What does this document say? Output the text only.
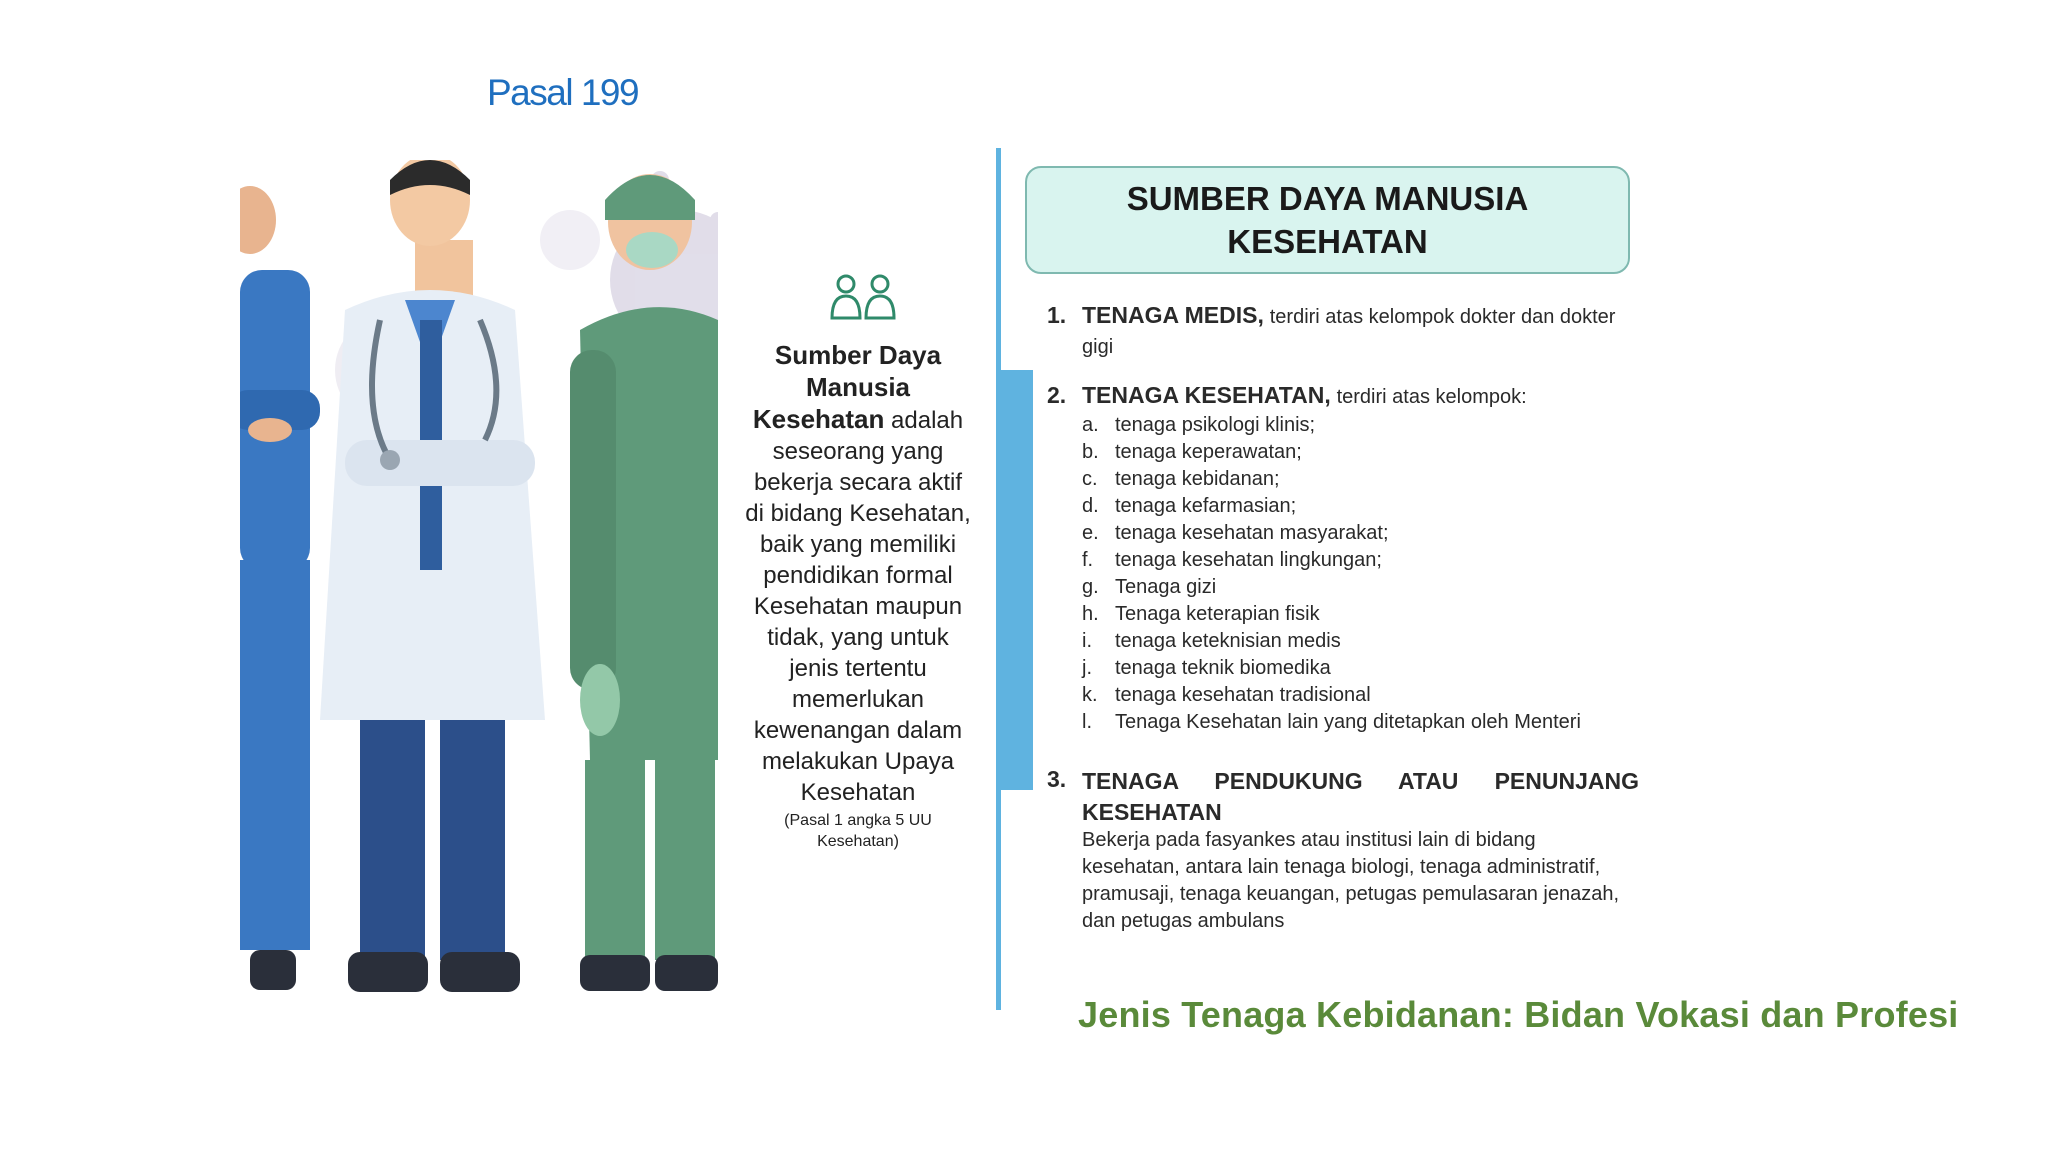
Pasal 199
Sumber Daya Manusia Kesehatan adalah seseorang yang bekerja secara aktif di bidang Kesehatan, baik yang memiliki pendidikan formal Kesehatan maupun tidak, yang untuk jenis tertentu memerlukan kewenangan dalam melakukan Upaya Kesehatan
(Pasal 1 angka 5 UU Kesehatan)
SUMBER DAYA MANUSIA
KESEHATAN
1. TENAGA MEDIS, terdiri atas kelompok dokter dan dokter gigi
2. TENAGA KESEHATAN, terdiri atas kelompok:
a. tenaga psikologi klinis;
b. tenaga keperawatan;
c. tenaga kebidanan;
d. tenaga kefarmasian;
e. tenaga kesehatan masyarakat;
f. tenaga kesehatan lingkungan;
g. Tenaga gizi
h. Tenaga keterapian fisik
i. tenaga keteknisian medis
j. tenaga teknik biomedika
k. tenaga kesehatan tradisional
l. Tenaga Kesehatan lain yang ditetapkan oleh Menteri
3. TENAGA PENDUKUNG ATAU PENUNJANG
KESEHATAN
Bekerja pada fasyankes atau institusi lain di bidang kesehatan, antara lain tenaga biologi, tenaga administratif, pramusaji, tenaga keuangan, petugas pemulasaran jenazah, dan petugas ambulans
Jenis Tenaga Kebidanan: Bidan Vokasi dan Profesi
